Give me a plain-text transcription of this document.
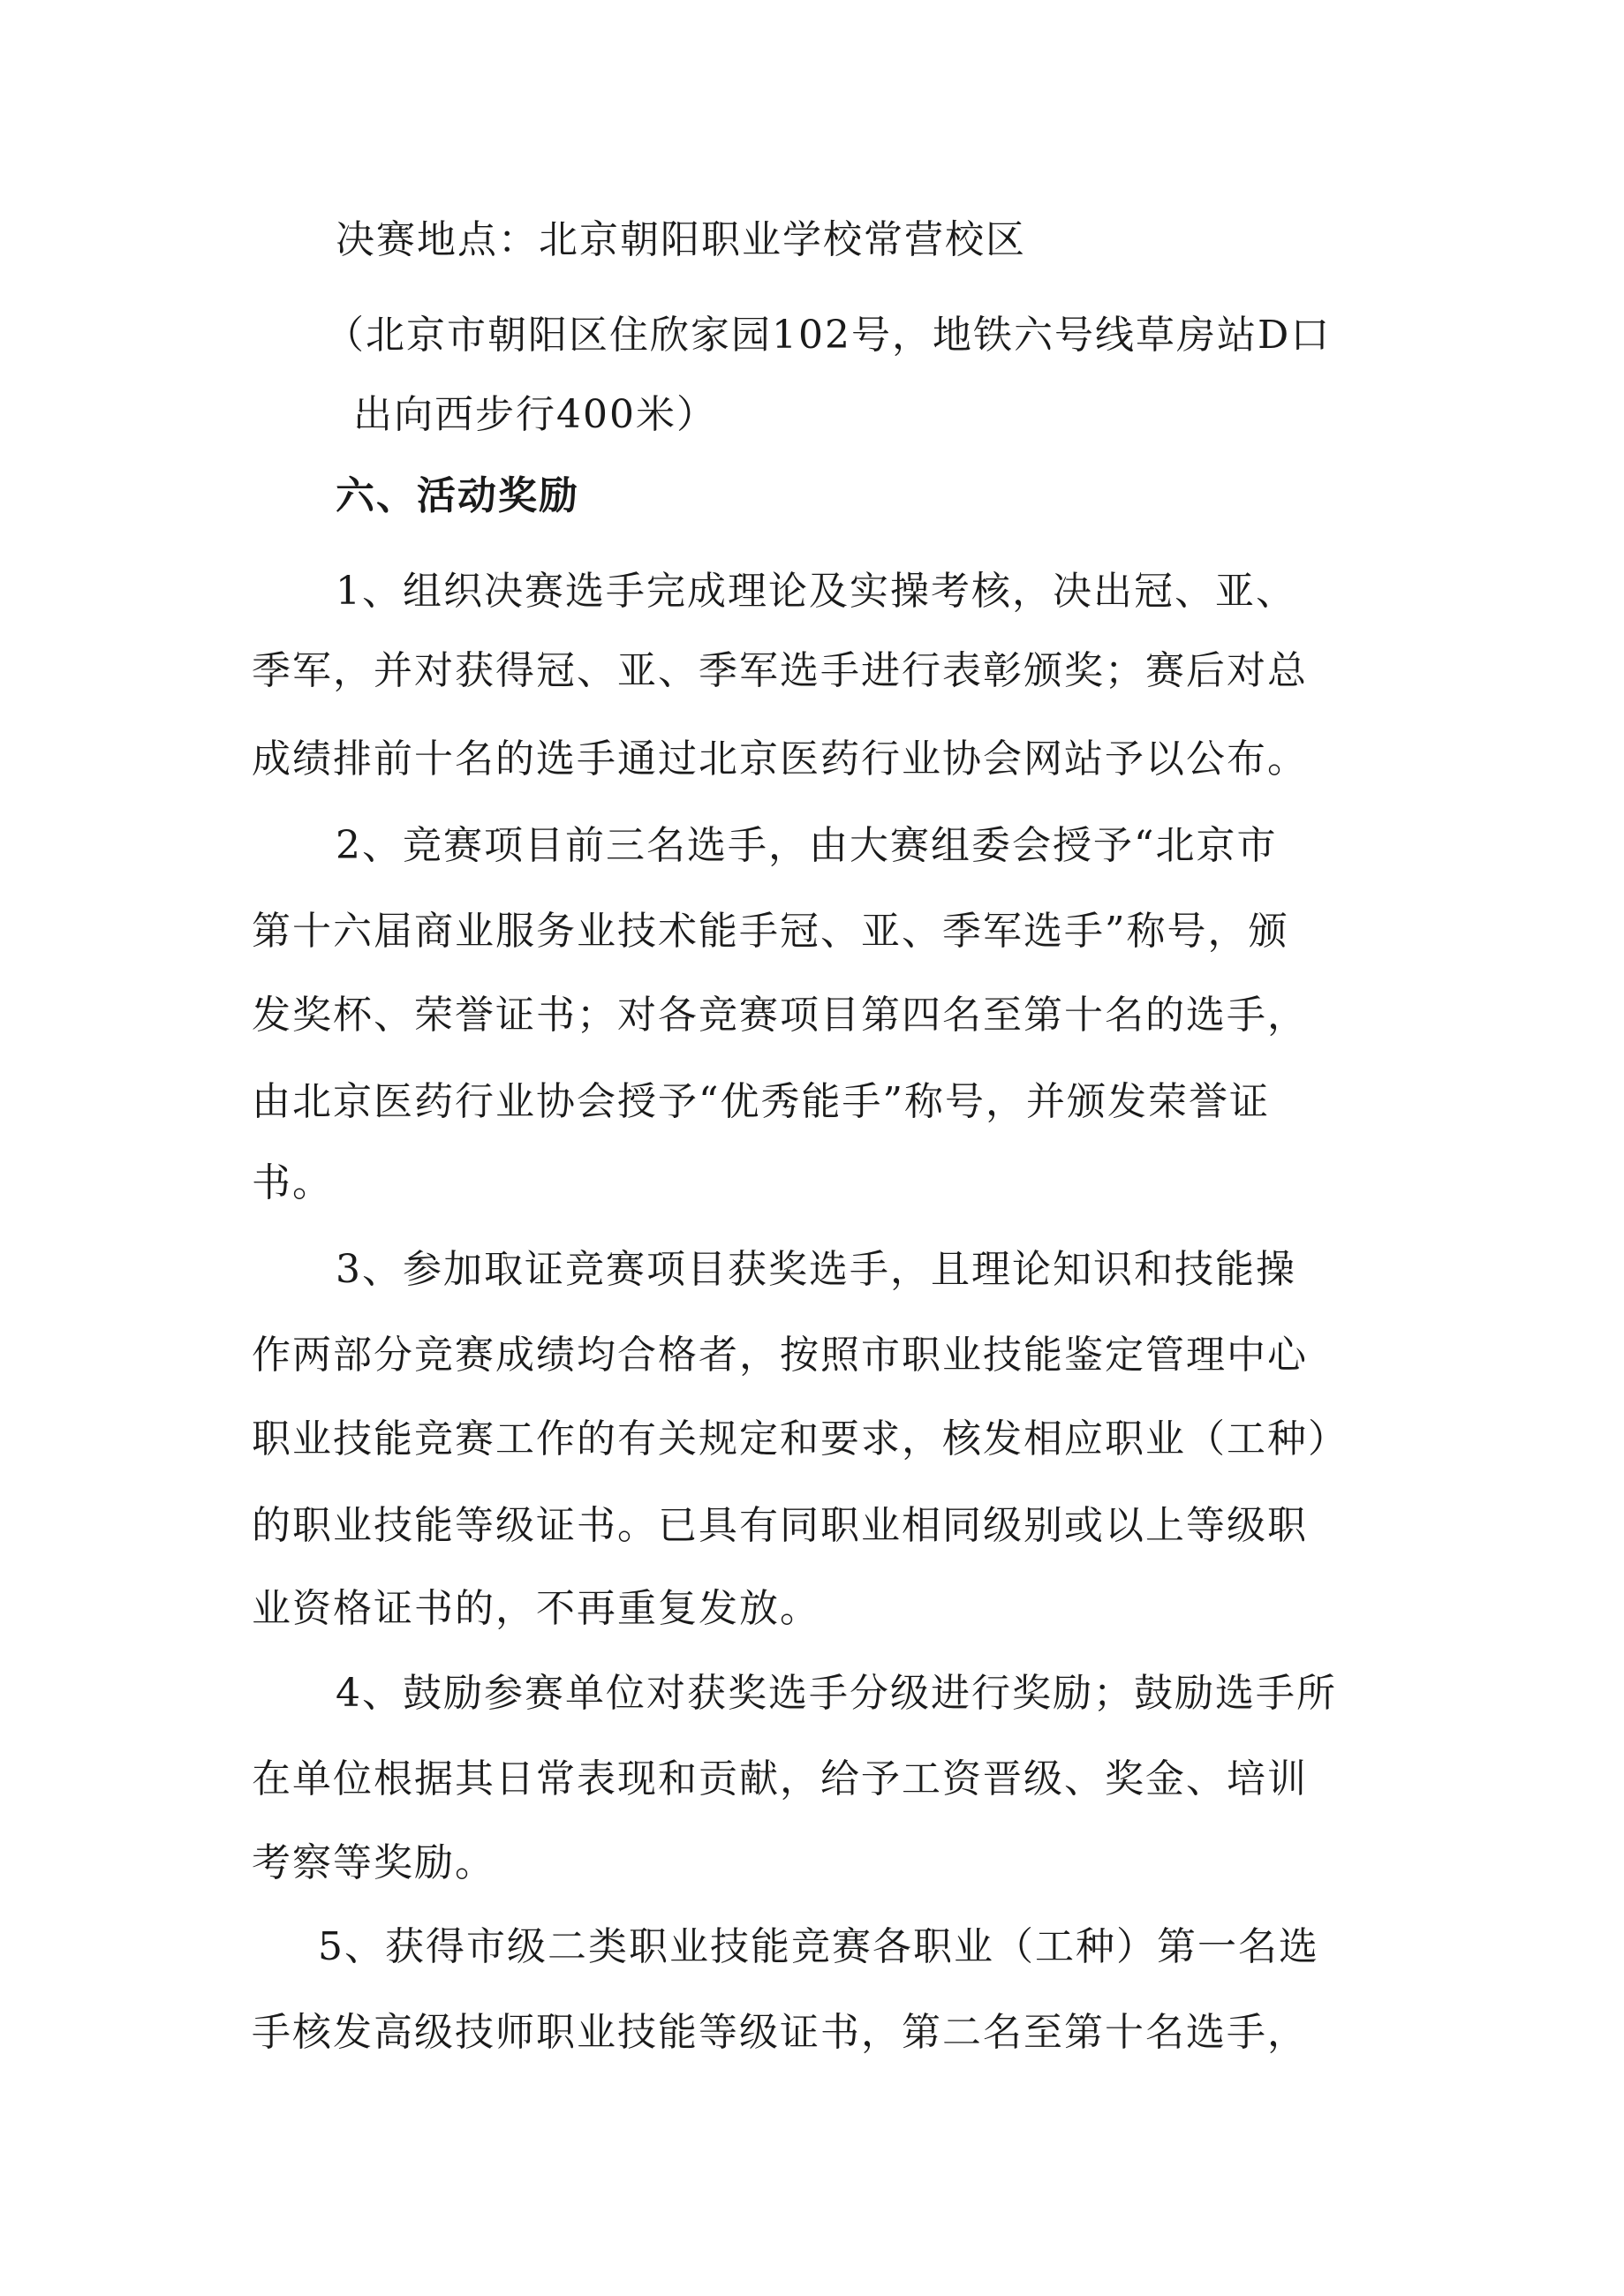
决赛地点：北京朝阳职业学校常营校区
（北京市朝阳区住欣家园102号，地铁六号线草房站D口
出向西步行400米）
六、活动奖励
1、组织决赛选手完成理论及实操考核，决出冠、亚、
季军，并对获得冠、亚、季军选手进行表彰颁奖；赛后对总
成绩排前十名的选手通过北京医药行业协会网站予以公布。
2、竞赛项目前三名选手，由大赛组委会授予“北京市
第十六届商业服务业技术能手冠、亚、季军选手”称号，颁
发奖杯、荣誉证书；对各竞赛项目第四名至第十名的选手，
由北京医药行业协会授予“优秀能手”称号，并颁发荣誉证
书。
3、参加取证竞赛项目获奖选手，且理论知识和技能操
作两部分竞赛成绩均合格者，按照市职业技能鉴定管理中心
职业技能竞赛工作的有关规定和要求，核发相应职业（工种）
的职业技能等级证书。已具有同职业相同级别或以上等级职
业资格证书的，不再重复发放。
4、鼓励参赛单位对获奖选手分级进行奖励；鼓励选手所
在单位根据其日常表现和贡献，给予工资晋级、奖金、培训
考察等奖励。
5、获得市级二类职业技能竞赛各职业（工种）第一名选
手核发高级技师职业技能等级证书，第二名至第十名选手，
